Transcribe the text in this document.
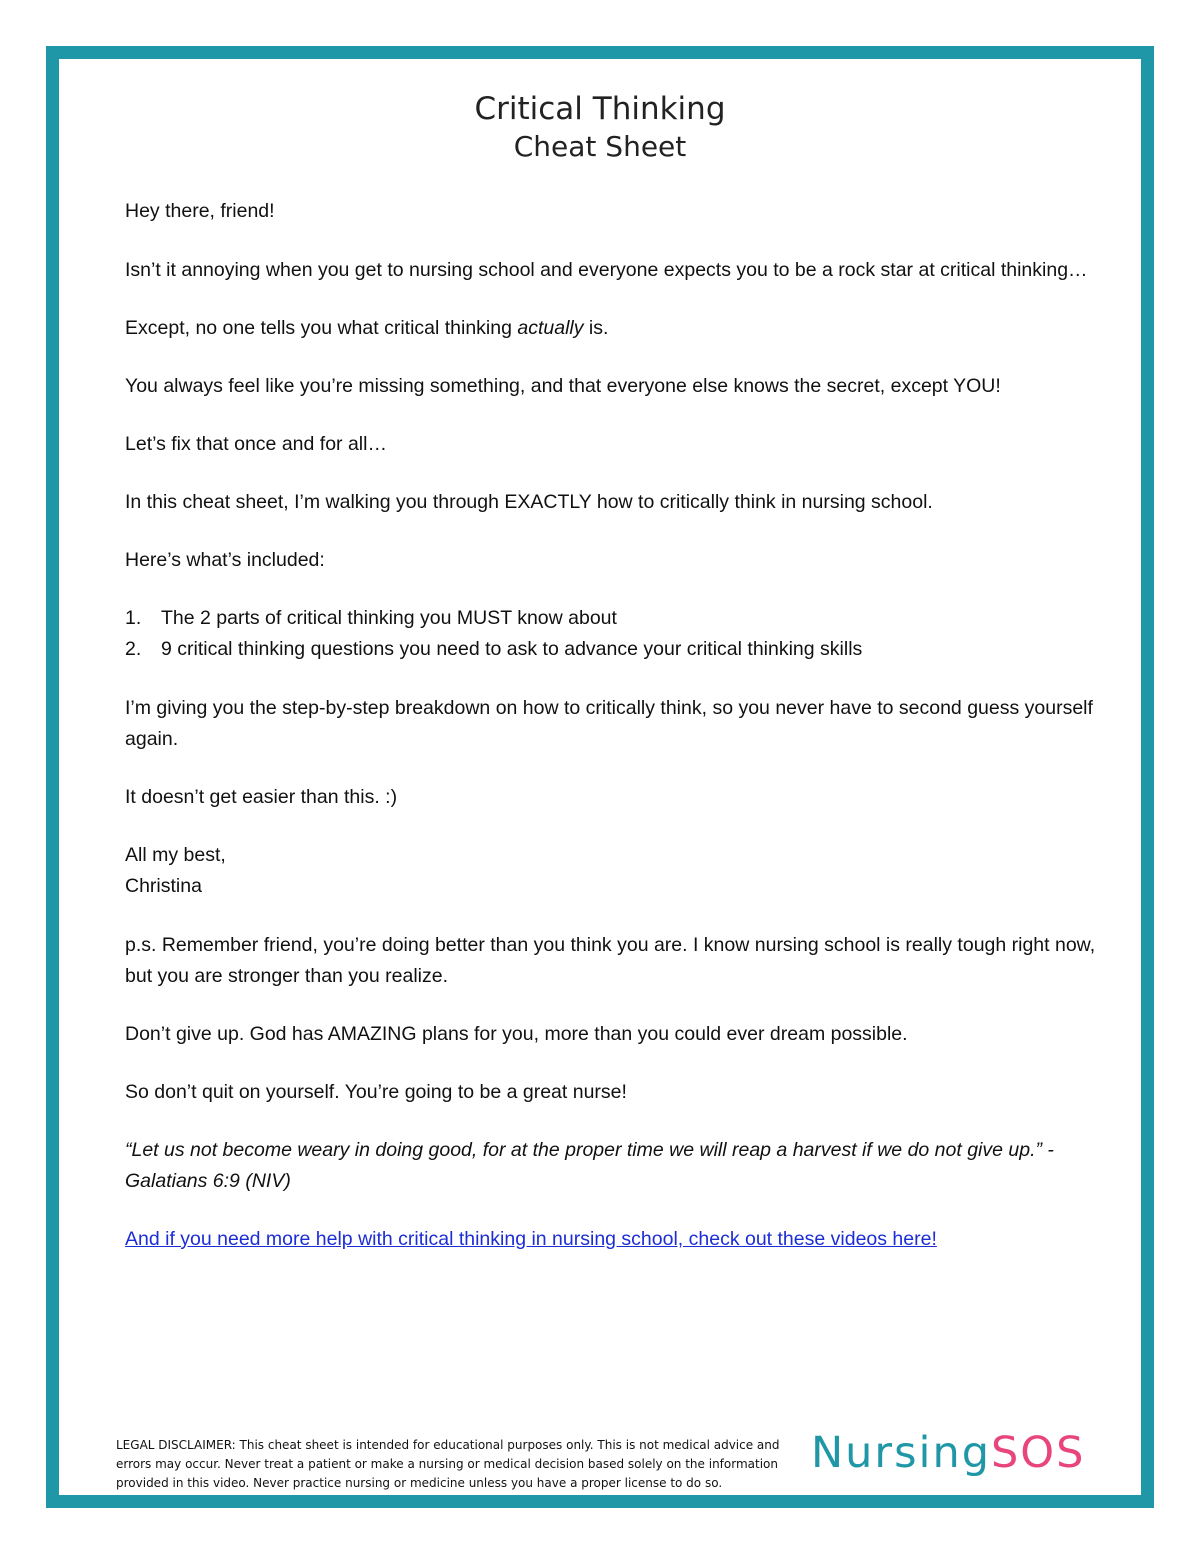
Critical Thinking
Cheat Sheet

Hey there, friend!

Isn’t it annoying when you get to nursing school and everyone expects you to be a rock star at critical thinking…

Except, no one tells you what critical thinking actually is.

You always feel like you’re missing something, and that everyone else knows the secret, except YOU!

Let’s fix that once and for all…

In this cheat sheet, I’m walking you through EXACTLY how to critically think in nursing school.

Here’s what’s included:

1. The 2 parts of critical thinking you MUST know about
2. 9 critical thinking questions you need to ask to advance your critical thinking skills

I’m giving you the step-by-step breakdown on how to critically think, so you never have to second guess yourself again.

It doesn’t get easier than this. :)

All my best,

Christina

p.s. Remember friend, you’re doing better than you think you are. I know nursing school is really tough right now, but you are stronger than you realize.

Don’t give up. God has AMAZING plans for you, more than you could ever dream possible.

So don’t quit on yourself. You’re going to be a great nurse!

“Let us not become weary in doing good, for at the proper time we will reap a harvest if we do not give up.” - Galatians 6:9 (NIV)

And if you need more help with critical thinking in nursing school, check out these videos here!

LEGAL DISCLAIMER: This cheat sheet is intended for educational purposes only. This is not medical advice and errors may occur. Never treat a patient or make a nursing or medical decision based solely on the information provided in this video. Never practice nursing or medicine unless you have a proper license to do so.
NursingSOS
